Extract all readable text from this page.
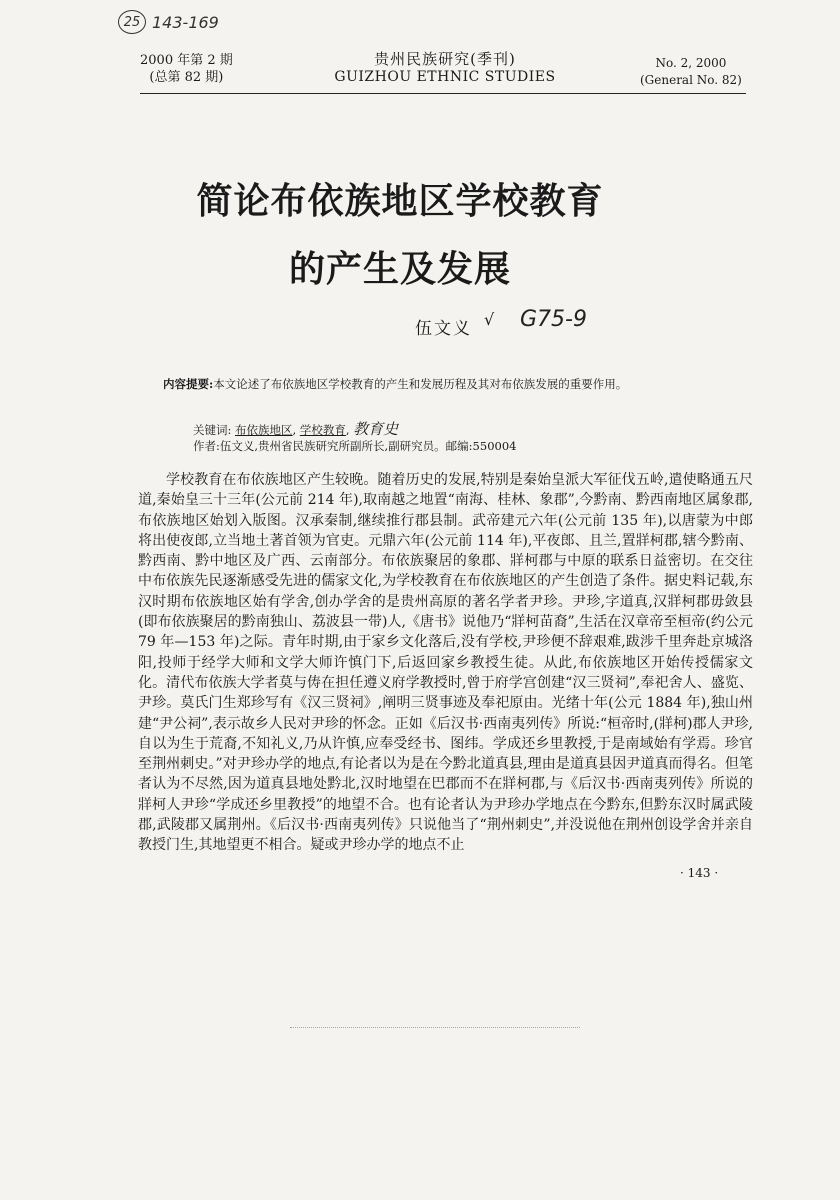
25 143-169
2000 年第 2 期
(总第 82 期)
贵州民族研究(季刊)
GUIZHOU ETHNIC STUDIES
No. 2, 2000
(General No. 82)
简论布依族地区学校教育
的产生及发展
伍文义 √ G75-9
内容提要:本文论述了布依族地区学校教育的产生和发展历程及其对布依族发展的重要作用。
关键词: 布依族地区, 学校教育, 教育史
作者:伍文义,贵州省民族研究所副所长,副研究员。邮编:550004

学校教育在布依族地区产生较晚。随着历史的发展,特别是秦始皇派大军征伐五岭,遣使略通五尺道,秦始皇三十三年(公元前 214 年),取南越之地置“南海、桂林、象郡”,今黔南、黔西南地区属象郡,布依族地区始划入版图。汉承秦制,继续推行郡县制。武帝建元六年(公元前 135 年),以唐蒙为中郎将出使夜郎,立当地土著首领为官吏。元鼎六年(公元前 114 年),平夜郎、且兰,置牂柯郡,辖今黔南、黔西南、黔中地区及广西、云南部分。布依族聚居的象郡、牂柯郡与中原的联系日益密切。在交往中布依族先民逐渐感受先进的儒家文化,为学校教育在布依族地区的产生创造了条件。据史料记载,东汉时期布依族地区始有学舍,创办学舍的是贵州高原的著名学者尹珍。尹珍,字道真,汉牂柯郡毋敛县(即布依族聚居的黔南独山、荔波县一带)人,《唐书》说他乃“牂柯苗裔”,生活在汉章帝至桓帝(约公元 79 年—153 年)之际。青年时期,由于家乡文化落后,没有学校,尹珍便不辞艰难,跋涉千里奔赴京城洛阳,投师于经学大师和文学大师许慎门下,后返回家乡教授生徒。从此,布依族地区开始传授儒家文化。清代布依族大学者莫与俦在担任遵义府学教授时,曾于府学宫创建“汉三贤祠”,奉祀舍人、盛览、尹珍。莫氏门生郑珍写有《汉三贤祠》,阐明三贤事迹及奉祀原由。光绪十年(公元 1884 年),独山州建“尹公祠”,表示故乡人民对尹珍的怀念。正如《后汉书·西南夷列传》所说:“桓帝时,(牂柯)郡人尹珍,自以为生于荒裔,不知礼义,乃从许慎,应奉受经书、图纬。学成还乡里教授,于是南域始有学焉。珍官至荆州刺史。”对尹珍办学的地点,有论者以为是在今黔北道真县,理由是道真县因尹道真而得名。但笔者认为不尽然,因为道真县地处黔北,汉时地望在巴郡而不在牂柯郡,与《后汉书·西南夷列传》所说的牂柯人尹珍“学成还乡里教授”的地望不合。也有论者认为尹珍办学地点在今黔东,但黔东汉时属武陵郡,武陵郡又属荆州。《后汉书·西南夷列传》只说他当了“荆州刺史”,并没说他在荆州创设学舍并亲自教授门生,其地望更不相合。疑或尹珍办学的地点不止

· 143 ·
